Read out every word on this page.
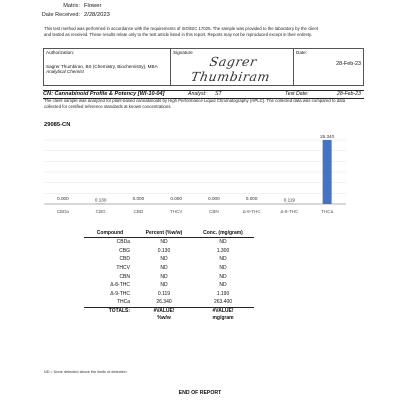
Matrix: Flower
Date Received: 2/28/2023
This test method was performed in accordance with the requirements of ISO/IEC 17025. The sample was provided to the laboratory by the client
and tested as received. These results relate only to the test article listed in this report. Reports may not be reproduced except in their entirety.
Authorization:
Sagrer Thumbiran, BS (Chemistry, Biochemistry), MBA
Analytical Chemist

Signature
Sagrer Thumbiram

Date:
28-Feb-23
CN: Cannabinoid Profile & Potency [WI-10-04]	Analyst: ST	Test Date:	28-Feb-23
The client sample was analyzed for plant-based cannabinoids by High Performance Liquid Chromatography (HPLC). The collected data was compared to data
collected for certified reference standards at known concentrations.
29085-CN
0.000	0.130	0.000	0.000	0.000	0.000	0.119
26.340
CBDa	CBG	CBD	THCV	CBN	Δ-9-THC	Δ-8-THC	THCa
Compound	Percent (%w/w)	Conc. (mg/gram)
CBDa	ND	ND
CBG	0.130	1.300
CBD	ND	ND
THCV	ND	ND
CBN	ND	ND
Δ-8-THC	ND	ND
Δ-9-THC	0.119	1.190
THCa	26.340	263.400
TOTALS:	#VALUE!	#VALUE!
	%w/w	mg/gram
ND = None detected above the limits of detection
END OF REPORT
